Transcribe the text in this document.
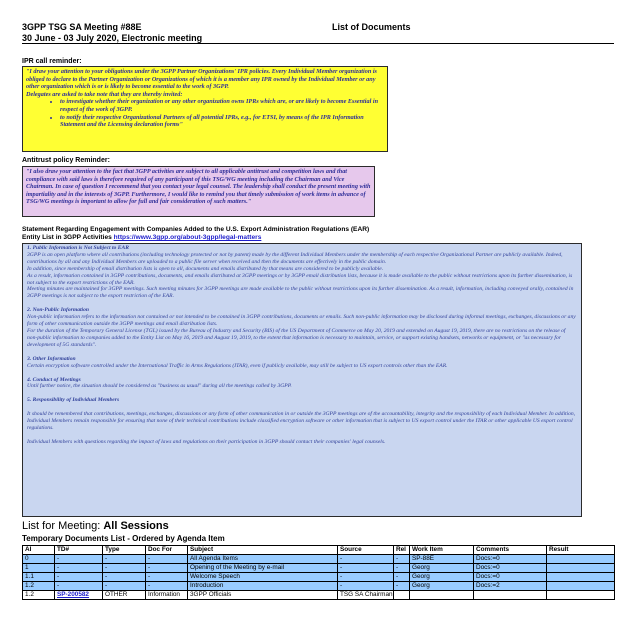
3GPP TSG SA Meeting #88E
30 June - 03 July 2020, Electronic meeting
List of Documents
IPR call reminder:
"I draw your attention to your obligations under the 3GPP Partner Organizations' IPR policies. Every Individual Member organization is obliged to declare to the Partner Organization or Organizations of which it is a member any IPR owned by the Individual Member or any other organization which is or is likely to become essential to the work of 3GPP.
Delegates are asked to take note that they are thereby invited:
• to investigate whether their organization or any other organization owns IPRs which are, or are likely to become Essential in respect of the work of 3GPP.
• to notify their respective Organizational Partners of all potential IPRs, e.g., for ETSI, by means of the IPR Information Statement and the Licensing declaration forms"
Antitrust policy Reminder:
"I also draw your attention to the fact that 3GPP activities are subject to all applicable antitrust and competition laws and that compliance with said laws is therefore required of any participant of this TSG/WG meeting including the Chairman and Vice Chairman. In case of question I recommend that you contact your legal counsel. The leadership shall conduct the present meeting with impartiality and in the interests of 3GPP. Furthermore, I would like to remind you that timely submission of work items in advance of TSG/WG meetings is important to allow for full and fair consideration of such matters."
Statement Regarding Engagement with Companies Added to the U.S. Export Administration Regulations (EAR)
Entity List in 3GPP Activities https://www.3gpp.org/about-3gpp/legal-matters

1. Public Information is Not Subject to EAR

3GPP is an open platform where all contributions (including technology protected or not by patent) made by the different Individual Members under the membership of each respective Organizational Partner are publicly available. Indeed, contributions by all and any Individual Members are uploaded to a public file server when received and then the documents are effectively in the public domain.

In addition, since membership of email distribution lists is open to all, documents and emails distributed by that means are considered to be publicly available.

As a result, information contained in 3GPP contributions, documents, and emails distributed at 3GPP meetings or by 3GPP email distribution lists, because it is made available to the public without restrictions upon its further dissemination, is not subject to the export restrictions of the EAR.

Meeting minutes are maintained for 3GPP meetings. Such meeting minutes for 3GPP meetings are made available to the public without restrictions upon its further dissemination. As a result, information, including conveyed orally, contained in 3GPP meetings is not subject to the export restriction of the EAR.

2. Non-Public Information

Non-public information refers to the information not contained or not intended to be contained in 3GPP contributions, documents or emails. Such non-public information may be disclosed during informal meetings, exchanges, discussions or any form of other communication outside the 3GPP meetings and email distribution lists.

For the duration of the Temporary General License (TGL) issued by the Bureau of Industry and Security (BIS) of the US Department of Commerce on May 20, 2019 and extended on August 19, 2019, there are no restrictions on the release of non-public information to companies added to the Entity List on May 16, 2019 and August 19, 2019, to the extent that information is necessary to maintain, service, or support existing handsets, networks or equipment, or "as necessary for development of 5G standards".

3. Other Information

Certain encryption software controlled under the International Traffic in Arms Regulations (ITAR), even if publicly available, may still be subject to US export controls other than the EAR.

4. Conduct of Meetings

Until further notice, the situation should be considered as "business as usual" during all the meetings called by 3GPP.

5. Responsibility of Individual Members

It should be remembered that contributions, meetings, exchanges, discussions or any form of other communication in or outside the 3GPP meetings are of the accountability, integrity and the responsibility of each Individual Member. In addition, Individual Members remain responsible for ensuring that none of their technical contributions include classified encryption software or other information that is subject to US export control under the ITAR or other applicable US export control regulations.

Individual Members with questions regarding the impact of laws and regulations on their participation in 3GPP should contact their companies' legal counsels.

List for Meeting: All Sessions
Temporary Documents List - Ordered by Agenda Item
AI	TD#	Type	Doc For	Subject	Source	Rel	Work Item	Comments	Result
0	-	-	-	All Agenda Items	-	-	SP-88E	Docs:=0	
1	-	-	-	Opening of the Meeting by e-mail	-	-	Georg	Docs:=0	
1.1	-	-	-	Welcome Speech	-	-	Georg	Docs:=0	
1.2	-	-	-	Introduction	-	-	Georg	Docs:=2	
1.2	SP-200582	OTHER	Information	3GPP Officials	TSG SA Chairman				
